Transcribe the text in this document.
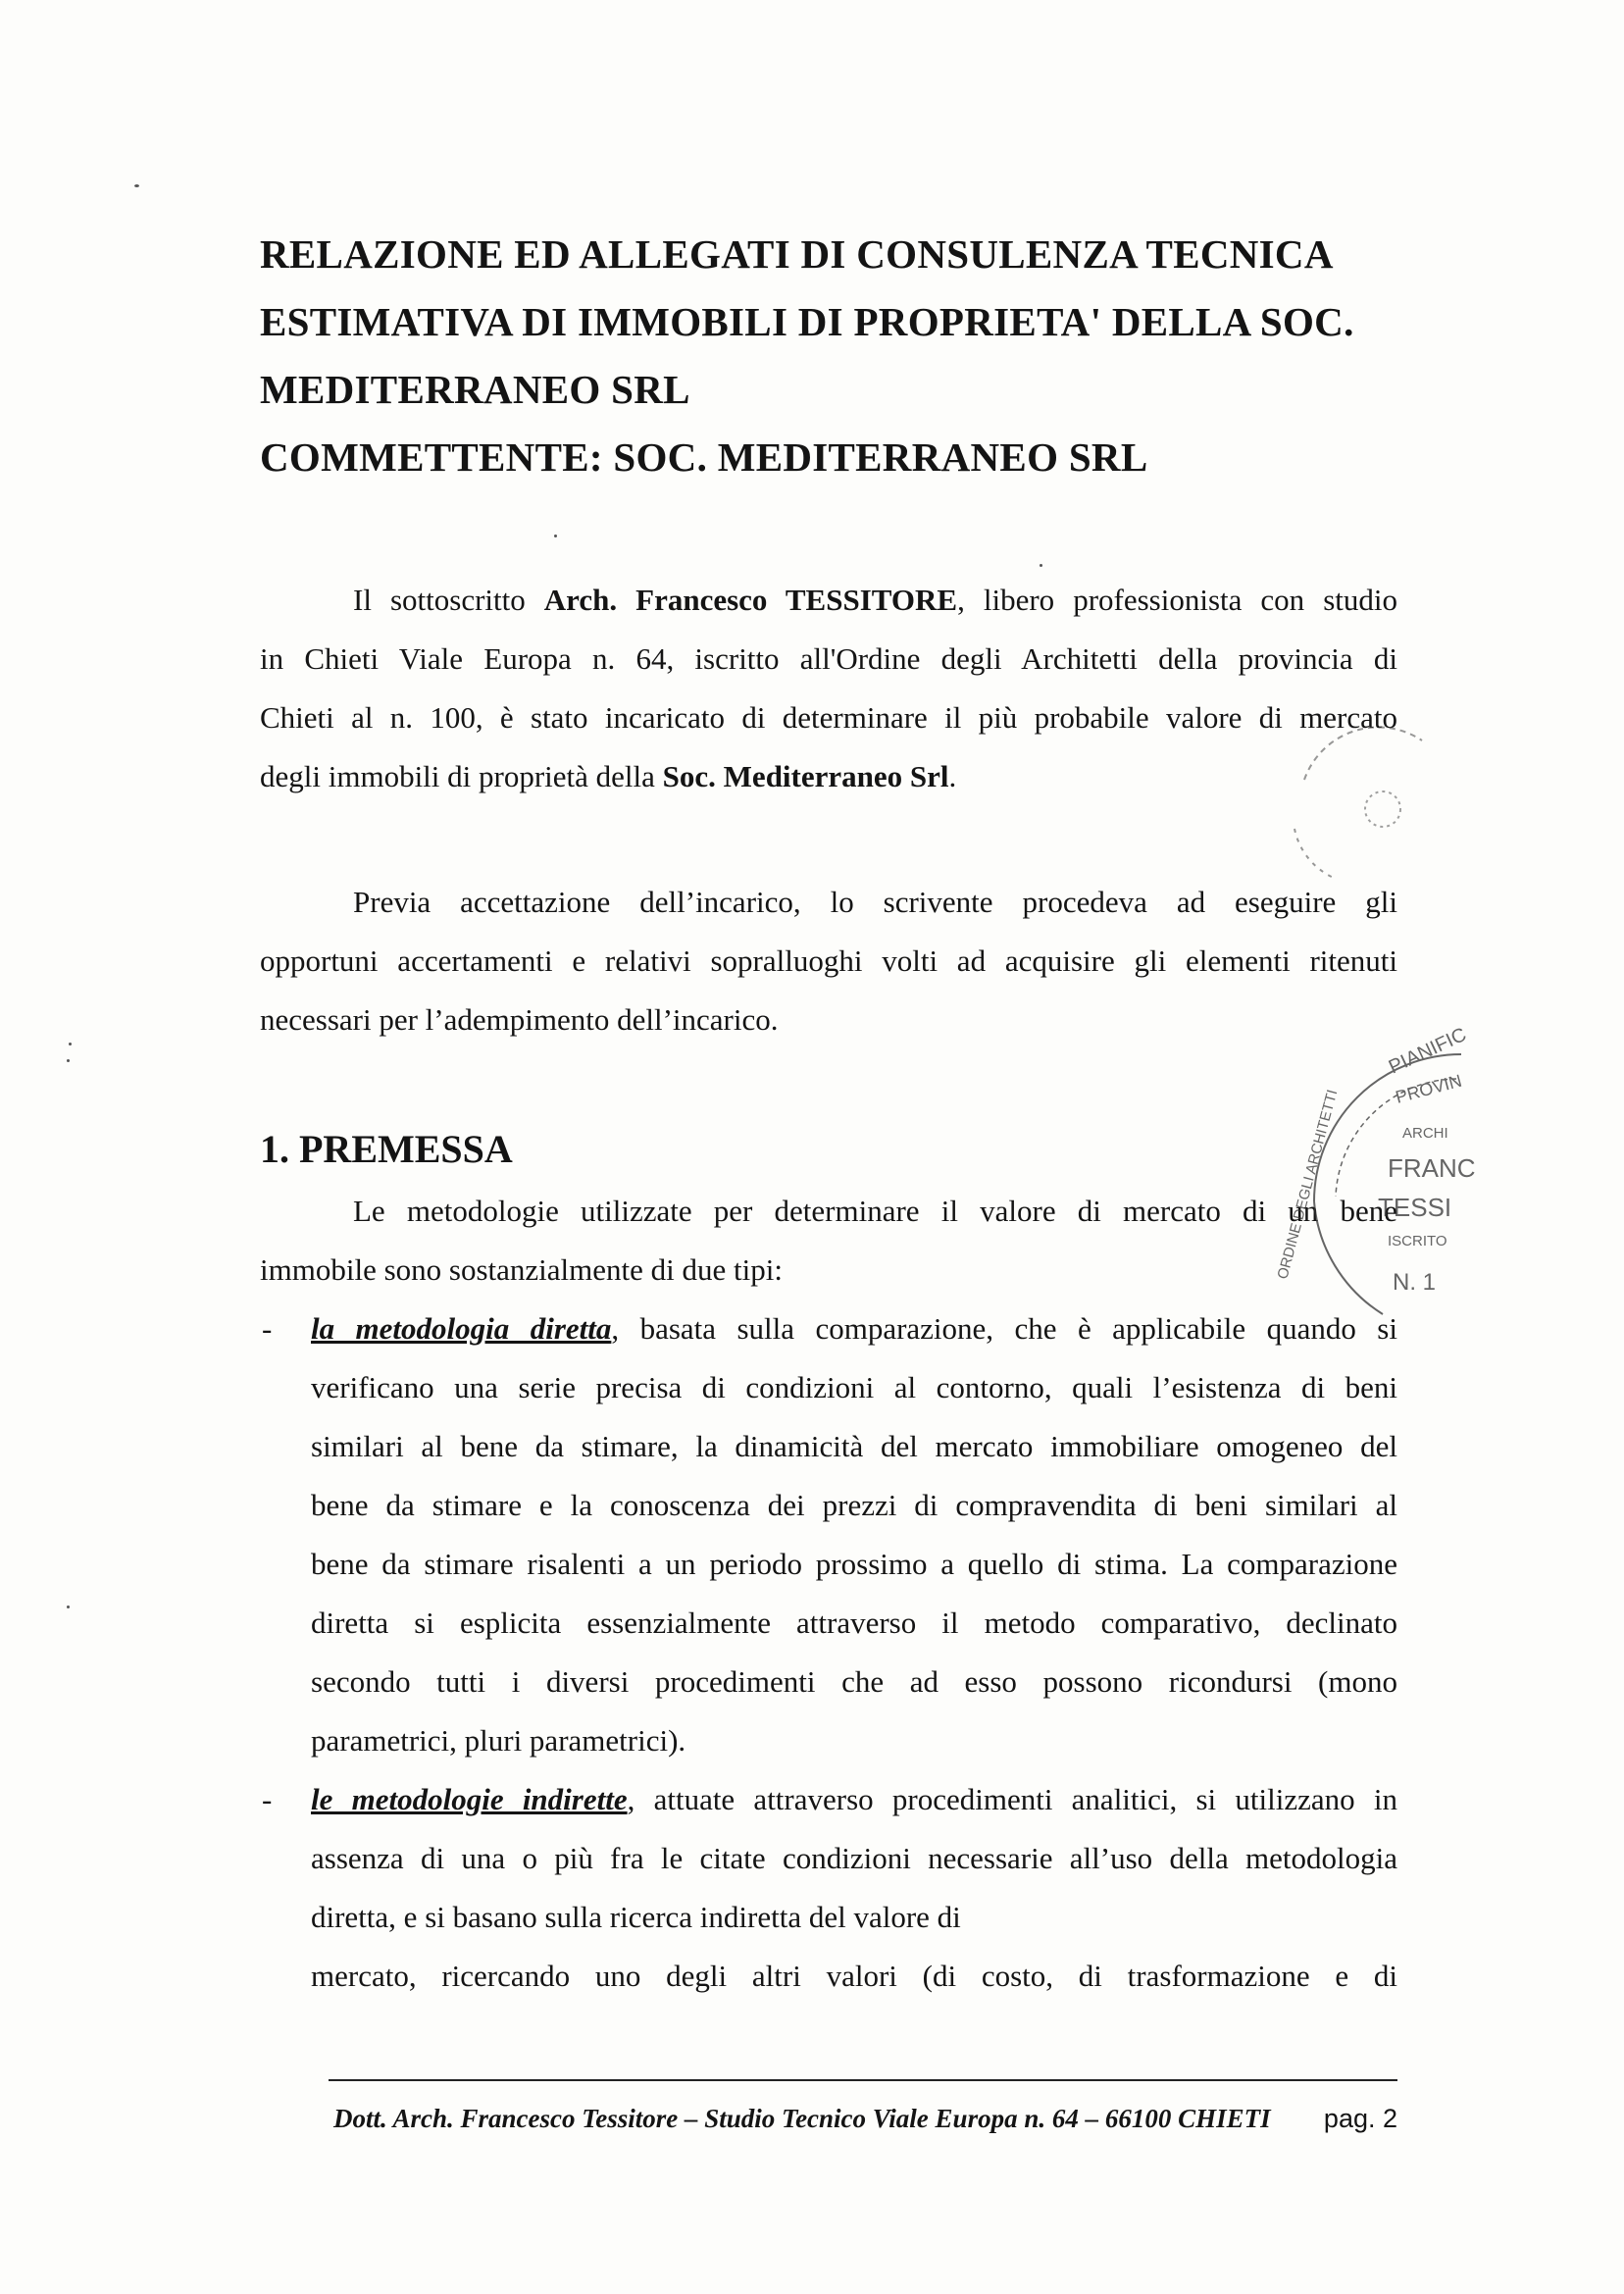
RELAZIONE ED ALLEGATI DI CONSULENZA TECNICA
ESTIMATIVA DI IMMOBILI DI PROPRIETA' DELLA SOC.
MEDITERRANEO SRL
COMMETTENTE: SOC. MEDITERRANEO SRL
Il sottoscritto Arch. Francesco TESSITORE, libero professionista con studio
in Chieti Viale Europa n. 64, iscritto all'Ordine degli Architetti della provincia di
Chieti al n. 100, è stato incaricato di determinare il più probabile valore di mercato
degli immobili di proprietà della Soc. Mediterraneo Srl.
Previa accettazione dell’incarico, lo scrivente procedeva ad eseguire gli
opportuni accertamenti e relativi sopralluoghi volti ad acquisire gli elementi ritenuti
necessari per l’adempimento dell’incarico.
1. PREMESSA
Le metodologie utilizzate per determinare il valore di mercato di un bene
immobile sono sostanzialmente di due tipi:
- la metodologia diretta, basata sulla comparazione, che è applicabile quando si
verificano una serie precisa di condizioni al contorno, quali l’esistenza di beni
similari al bene da stimare, la dinamicità del mercato immobiliare omogeneo del
bene da stimare e la conoscenza dei prezzi di compravendita di beni similari al
bene da stimare risalenti a un periodo prossimo a quello di stima. La comparazione
diretta si esplicita essenzialmente attraverso il metodo comparativo, declinato
secondo tutti i diversi procedimenti che ad esso possono ricondursi (mono
parametrici, pluri parametrici).
- le metodologie indirette, attuate attraverso procedimenti analitici, si utilizzano in
assenza di una o più fra le citate condizioni necessarie all’uso della metodologia
diretta, e si basano sulla ricerca indiretta del valore di
mercato, ricercando uno degli altri valori (di costo, di trasformazione e di
Dott. Arch. Francesco Tessitore – Studio Tecnico Viale Europa n. 64 – 66100 CHIETI pag. 2
PIANIFIC
PROVIN
ARCHI
FRANC
TESSI
ISCRITO
N. 1
ORDINE DEGLI ARCHITETTI
